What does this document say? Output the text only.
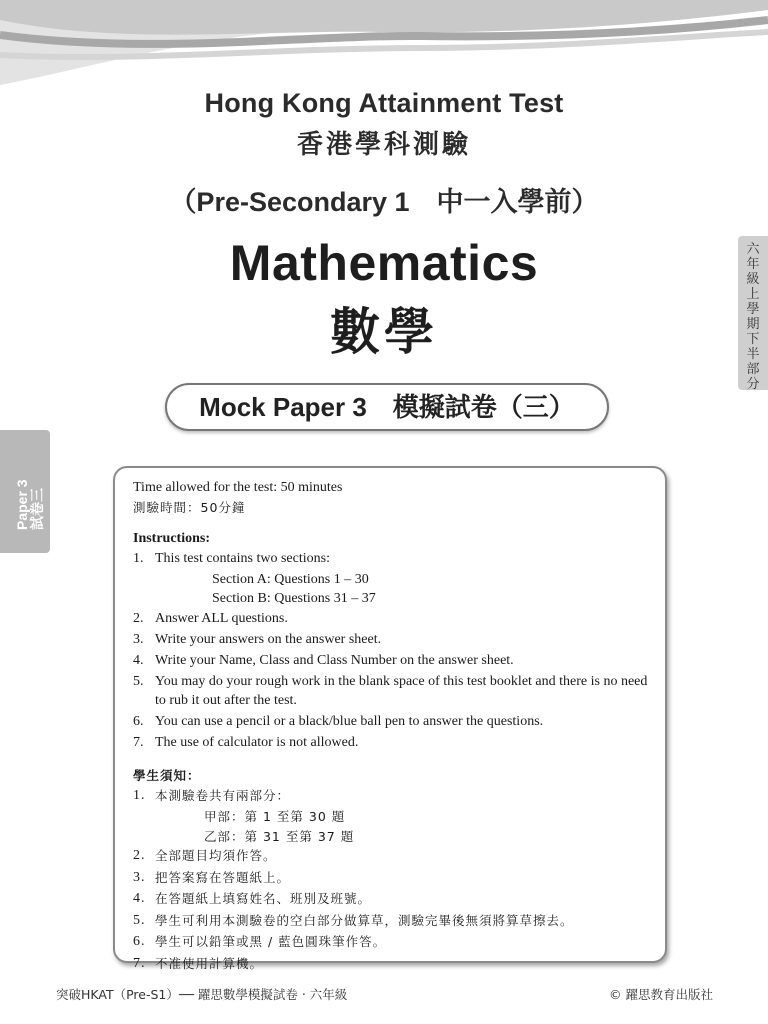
Hong Kong Attainment Test
香港學科測驗
（Pre-Secondary 1　中一入學前）
Mathematics
數學
Mock Paper 3　模擬試卷（三）
六年級上學期下半部分
Paper 3 試卷三
Time allowed for the test: 50 minutes
測驗時間：50分鐘
Instructions:
1. This test contains two sections:
Section A: Questions 1 – 30
Section B: Questions 31 – 37
2. Answer ALL questions.
3. Write your answers on the answer sheet.
4. Write your Name, Class and Class Number on the answer sheet.
5. You may do your rough work in the blank space of this test booklet and there is no need to rub it out after the test.
6. You can use a pencil or a black/blue ball pen to answer the questions.
7. The use of calculator is not allowed.
學生須知：
1. 本測驗卷共有兩部分：
甲部：第 1 至第 30 題
乙部：第 31 至第 37 題
2. 全部題目均須作答。
3. 把答案寫在答題紙上。
4. 在答題紙上填寫姓名、班別及班號。
5. 學生可利用本測驗卷的空白部分做算草，測驗完畢後無須將算草擦去。
6. 學生可以鉛筆或黑 / 藍色圓珠筆作答。
7. 不准使用計算機。
突破HKAT（Pre-S1）── 躍思數學模擬試卷 ‧ 六年級	© 躍思教育出版社
